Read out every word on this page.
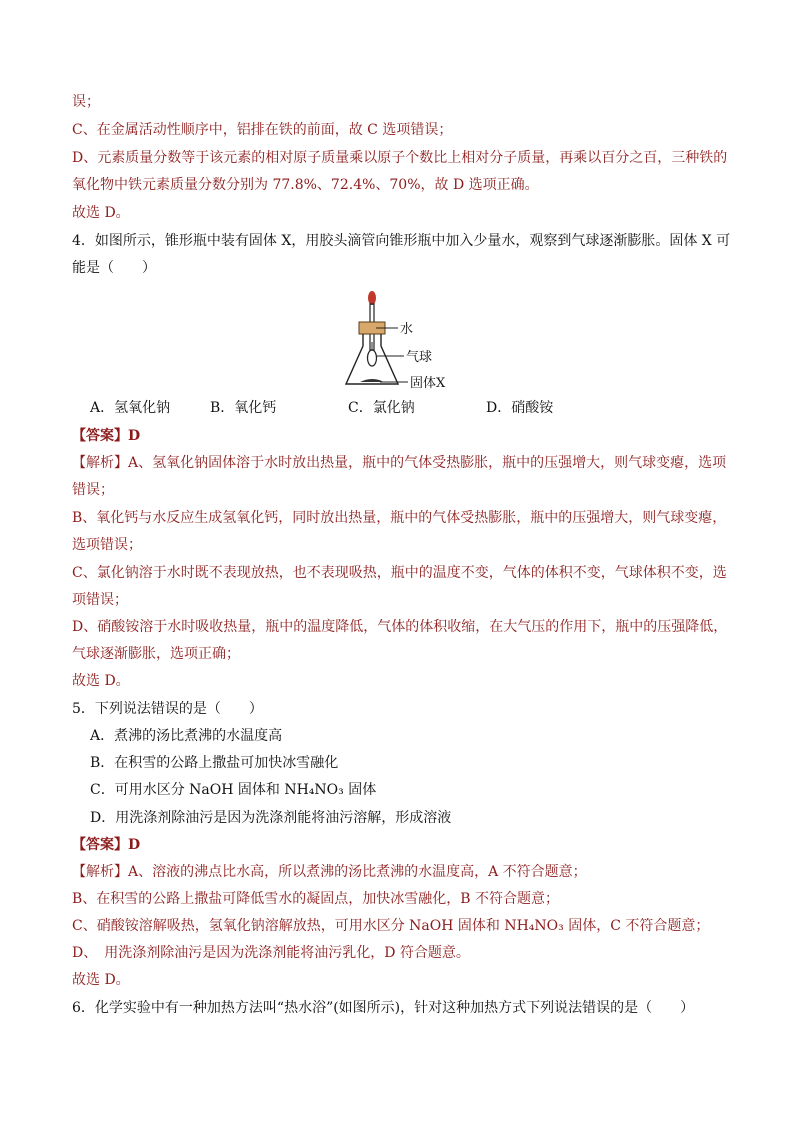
误；
C、在金属活动性顺序中，铝排在铁的前面，故 C 选项错误；
D、元素质量分数等于该元素的相对原子质量乘以原子个数比上相对分子质量，再乘以百分之百，三种铁的
氧化物中铁元素质量分数分别为 77.8%、72.4%、70%，故 D 选项正确。
故选 D。
4．如图所示，锥形瓶中装有固体 X，用胶头滴管向锥形瓶中加入少量水，观察到气球逐渐膨胀。固体 X 可
能是（　　）
水
气球
固体X
A．氢氧化钠	B．氧化钙	C．氯化钠	D．硝酸铵
【答案】D
【解析】A、氢氧化钠固体溶于水时放出热量，瓶中的气体受热膨胀，瓶中的压强增大，则气球变瘪，选项
错误；
B、氧化钙与水反应生成氢氧化钙，同时放出热量，瓶中的气体受热膨胀，瓶中的压强增大，则气球变瘪，
选项错误；
C、氯化钠溶于水时既不表现放热，也不表现吸热，瓶中的温度不变，气体的体积不变，气球体积不变，选
项错误；
D、硝酸铵溶于水时吸收热量，瓶中的温度降低，气体的体积收缩，在大气压的作用下，瓶中的压强降低，
气球逐渐膨胀，选项正确；
故选 D。
5．下列说法错误的是（　　）
A．煮沸的汤比煮沸的水温度高
B．在积雪的公路上撒盐可加快冰雪融化
C．可用水区分 NaOH 固体和 NH₄NO₃ 固体
D．用洗涤剂除油污是因为洗涤剂能将油污溶解，形成溶液
【答案】D
【解析】A、溶液的沸点比水高，所以煮沸的汤比煮沸的水温度高，A 不符合题意；
B、在积雪的公路上撒盐可降低雪水的凝固点，加快冰雪融化，B 不符合题意；
C、硝酸铵溶解吸热，氢氧化钠溶解放热，可用水区分 NaOH 固体和 NH₄NO₃ 固体，C 不符合题意；
D、　用洗涤剂除油污是因为洗涤剂能将油污乳化，D 符合题意。
故选 D。
6．化学实验中有一种加热方法叫“热水浴”(如图所示)，针对这种加热方式下列说法错误的是（　　）
